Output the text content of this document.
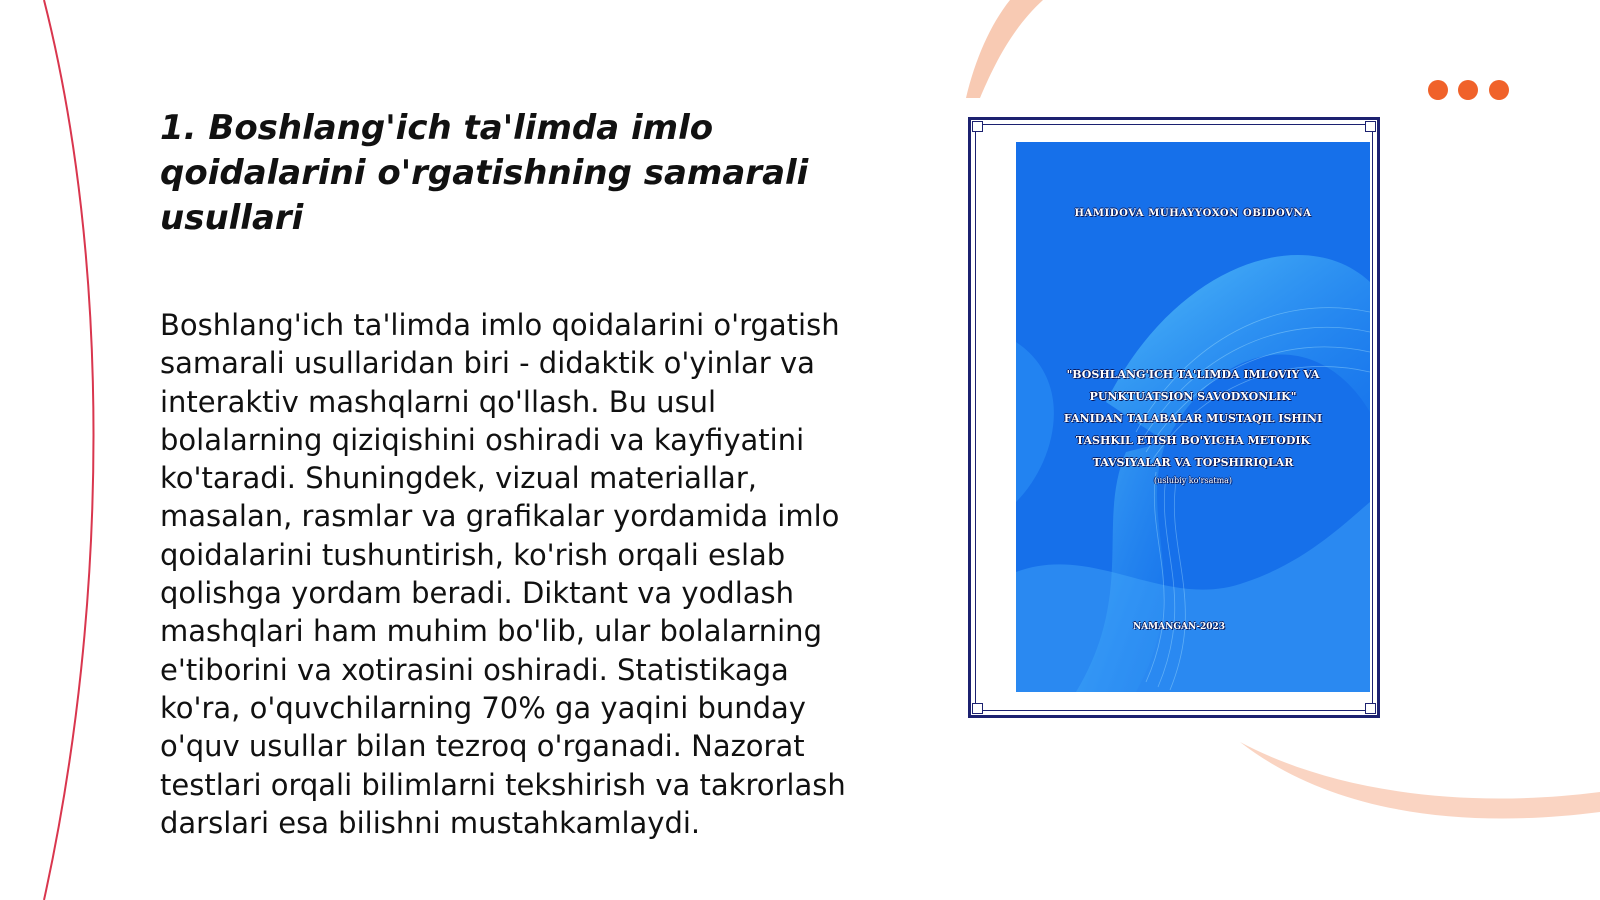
1. Boshlang'ich ta'limda imlo qoidalarini o'rgatishning samarali usullari

Boshlang'ich ta'limda imlo qoidalarini o'rgatish samarali usullaridan biri - didaktik o'yinlar va interaktiv mashqlarni qo'llash. Bu usul bolalarning qiziqishini oshiradi va kayfiyatini ko'taradi. Shuningdek, vizual materiallar, masalan, rasmlar va grafikalar yordamida imlo qoidalarini tushuntirish, ko'rish orqali eslab qolishga yordam beradi. Diktant va yodlash mashqlari ham muhim bo'lib, ular bolalarning e'tiborini va xotirasini oshiradi. Statistikaga ko'ra, o'quvchilarning 70% ga yaqini bunday o'quv usullar bilan tezroq o'rganadi. Nazorat testlari orqali bilimlarni tekshirish va takrorlash darslari esa bilishni mustahkamlaydi.

HAMIDOVA MUHAYYOXON OBIDOVNA
"BOSHLANG'ICH TA'LIMDA IMLOVIY VA PUNKTUATSION SAVODXONLIK" FANIDAN TALABALAR MUSTAQIL ISHINI TASHKIL ETISH BO'YICHA METODIK TAVSIYALAR VA TOPSHIRIQLAR
(uslubiy ko'rsatma)
NAMANGAN-2023
